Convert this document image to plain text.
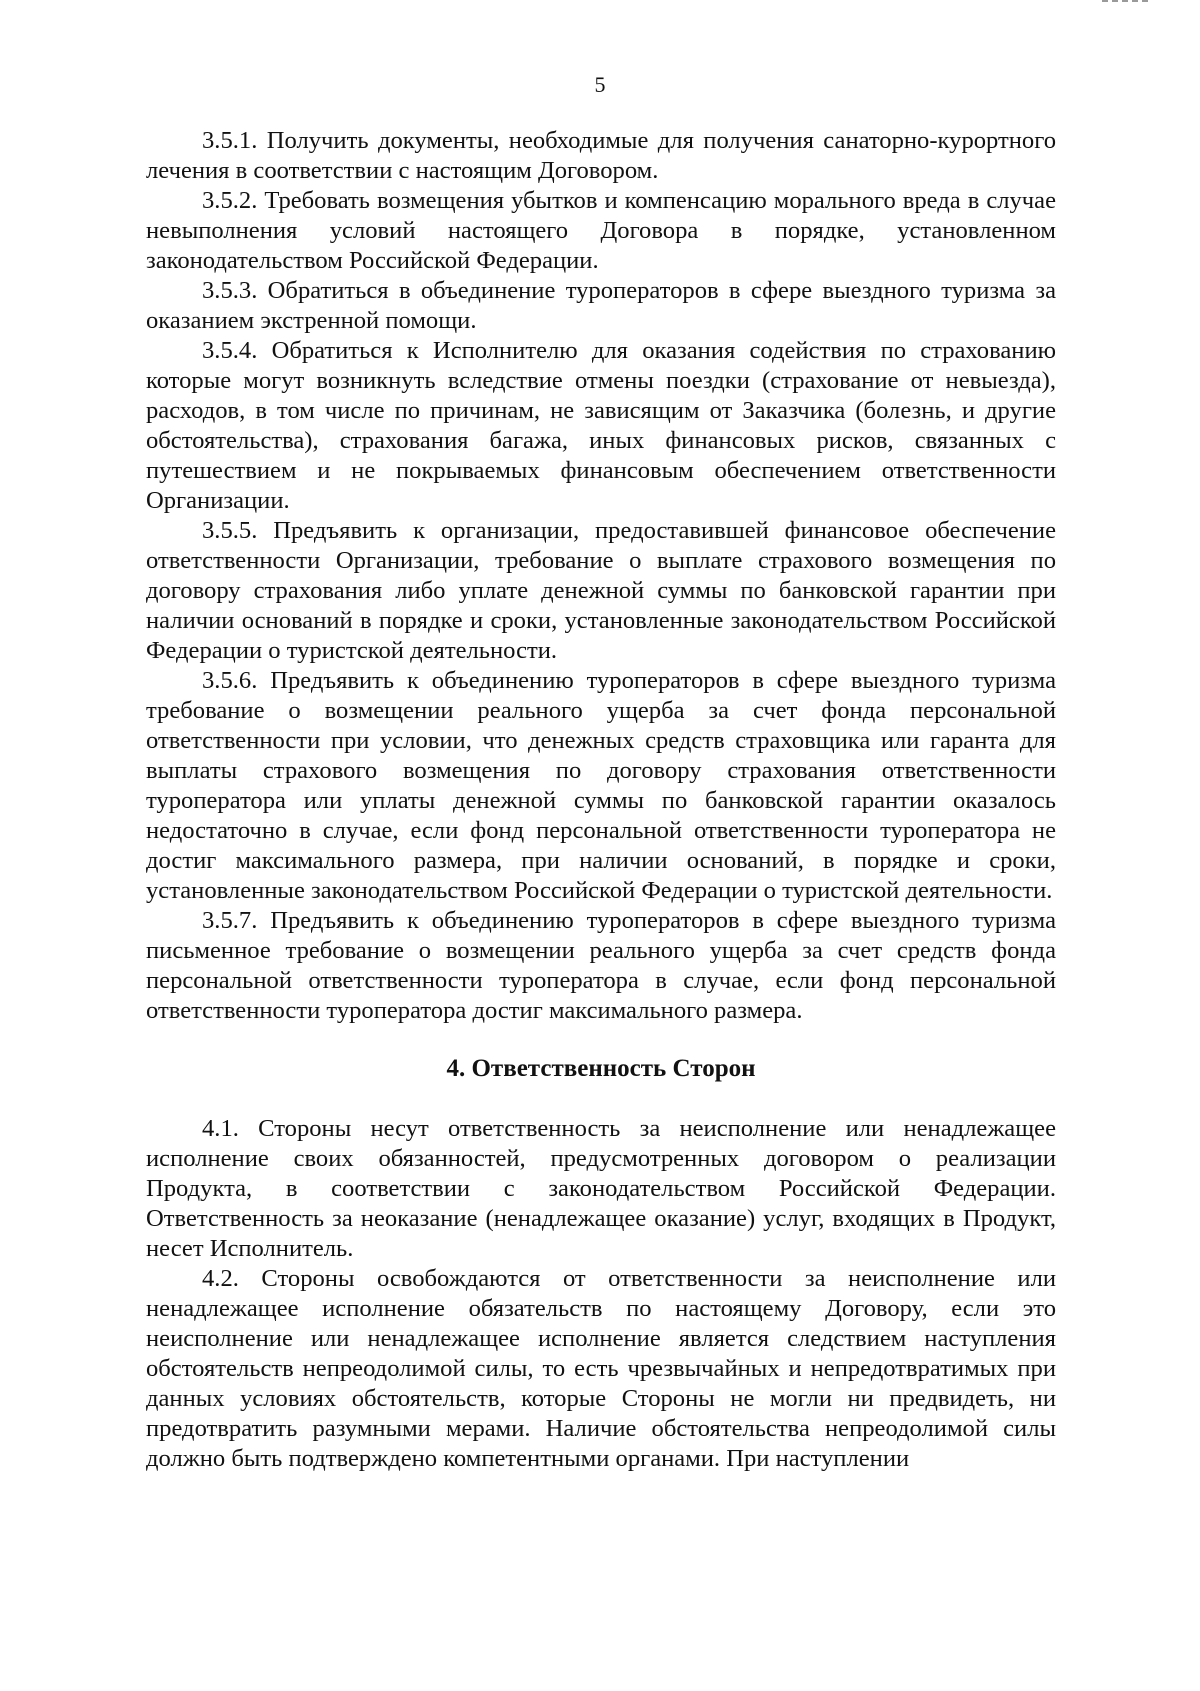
5

3.5.1. Получить документы, необходимые для получения санаторно-курортного лечения в соответствии с настоящим Договором.

3.5.2. Требовать возмещения убытков и компенсацию морального вреда в случае невыполнения условий настоящего Договора в порядке, установленном законодательством Российской Федерации.

3.5.3. Обратиться в объединение туроператоров в сфере выездного туризма за оказанием экстренной помощи.

3.5.4. Обратиться к Исполнителю для оказания содействия по страхованию которые могут возникнуть вследствие отмены поездки (страхование от невыезда), расходов, в том числе по причинам, не зависящим от Заказчика (болезнь, и другие обстоятельства), страхования багажа, иных финансовых рисков, связанных с путешествием и не покрываемых финансовым обеспечением ответственности Организации.

3.5.5. Предъявить к организации, предоставившей финансовое обеспечение ответственности Организации, требование о выплате страхового возмещения по договору страхования либо уплате денежной суммы по банковской гарантии при наличии оснований в порядке и сроки, установленные законодательством Российской Федерации о туристской деятельности.

3.5.6. Предъявить к объединению туроператоров в сфере выездного туризма требование о возмещении реального ущерба за счет фонда персональной ответственности при условии, что денежных средств страховщика или гаранта для выплаты страхового возмещения по договору страхования ответственности туроператора или уплаты денежной суммы по банковской гарантии оказалось недостаточно в случае, если фонд персональной ответственности туроператора не достиг максимального размера, при наличии оснований, в порядке и сроки, установленные законодательством Российской Федерации о туристской деятельности.

3.5.7. Предъявить к объединению туроператоров в сфере выездного туризма письменное требование о возмещении реального ущерба за счет средств фонда персональной ответственности туроператора в случае, если фонд персональной ответственности туроператора достиг максимального размера.

4. Ответственность Сторон

4.1. Стороны несут ответственность за неисполнение или ненадлежащее исполнение своих обязанностей, предусмотренных договором о реализации Продукта, в соответствии с законодательством Российской Федерации. Ответственность за неоказание (ненадлежащее оказание) услуг, входящих в Продукт, несет Исполнитель.

4.2. Стороны освобождаются от ответственности за неисполнение или ненадлежащее исполнение обязательств по настоящему Договору, если это неисполнение или ненадлежащее исполнение является следствием наступления обстоятельств непреодолимой силы, то есть чрезвычайных и непредотвратимых при данных условиях обстоятельств, которые Стороны не могли ни предвидеть, ни предотвратить разумными мерами. Наличие обстоятельства непреодолимой силы должно быть подтверждено компетентными органами. При наступлении
